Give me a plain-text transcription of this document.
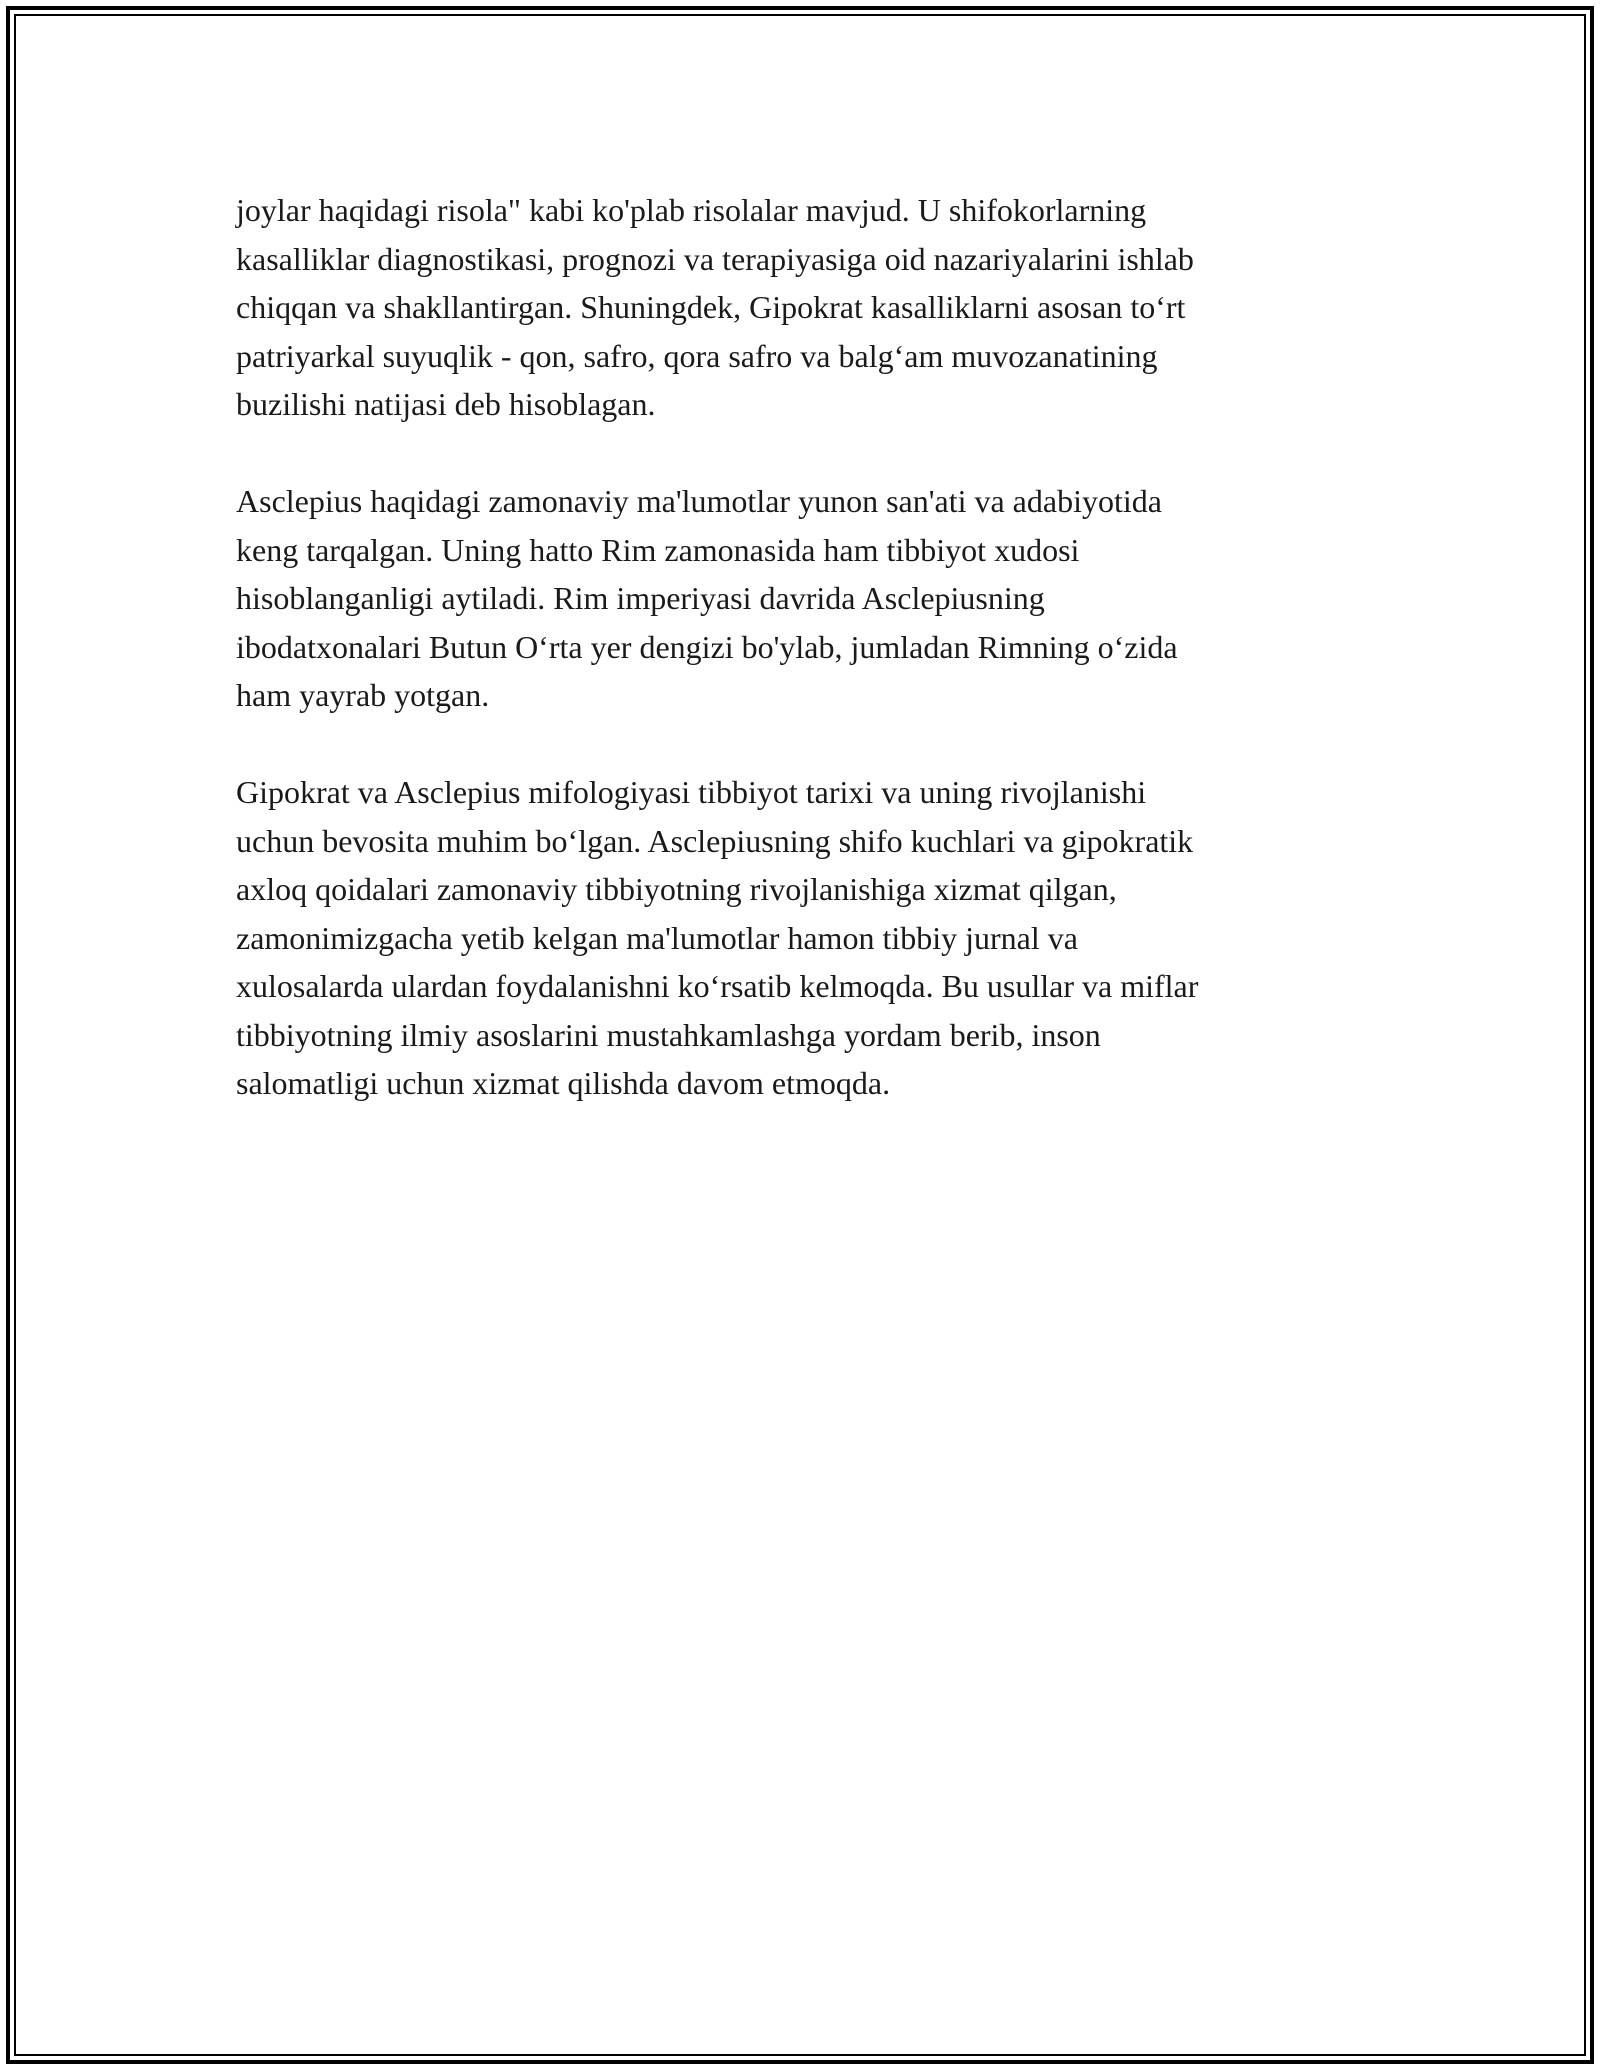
joylar haqidagi risola" kabi ko'plab risolalar mavjud. U shifokorlarning
kasalliklar diagnostikasi, prognozi va terapiyasiga oid nazariyalarini ishlab
chiqqan va shakllantirgan. Shuningdek, Gipokrat kasalliklarni asosan to‘rt
patriyarkal suyuqlik - qon, safro, qora safro va balg‘am muvozanatining
buzilishi natijasi deb hisoblagan.

Asclepius haqidagi zamonaviy ma'lumotlar yunon san'ati va adabiyotida
keng tarqalgan. Uning hatto Rim zamonasida ham tibbiyot xudosi
hisoblanganligi aytiladi. Rim imperiyasi davrida Asclepiusning
ibodatxonalari Butun O‘rta yer dengizi bo'ylab, jumladan Rimning o‘zida
ham yayrab yotgan.

Gipokrat va Asclepius mifologiyasi tibbiyot tarixi va uning rivojlanishi
uchun bevosita muhim bo‘lgan. Asclepiusning shifo kuchlari va gipokratik
axloq qoidalari zamonaviy tibbiyotning rivojlanishiga xizmat qilgan,
zamonimizgacha yetib kelgan ma'lumotlar hamon tibbiy jurnal va
xulosalarda ulardan foydalanishni ko‘rsatib kelmoqda. Bu usullar va miflar
tibbiyotning ilmiy asoslarini mustahkamlashga yordam berib, inson
salomatligi uchun xizmat qilishda davom etmoqda.
